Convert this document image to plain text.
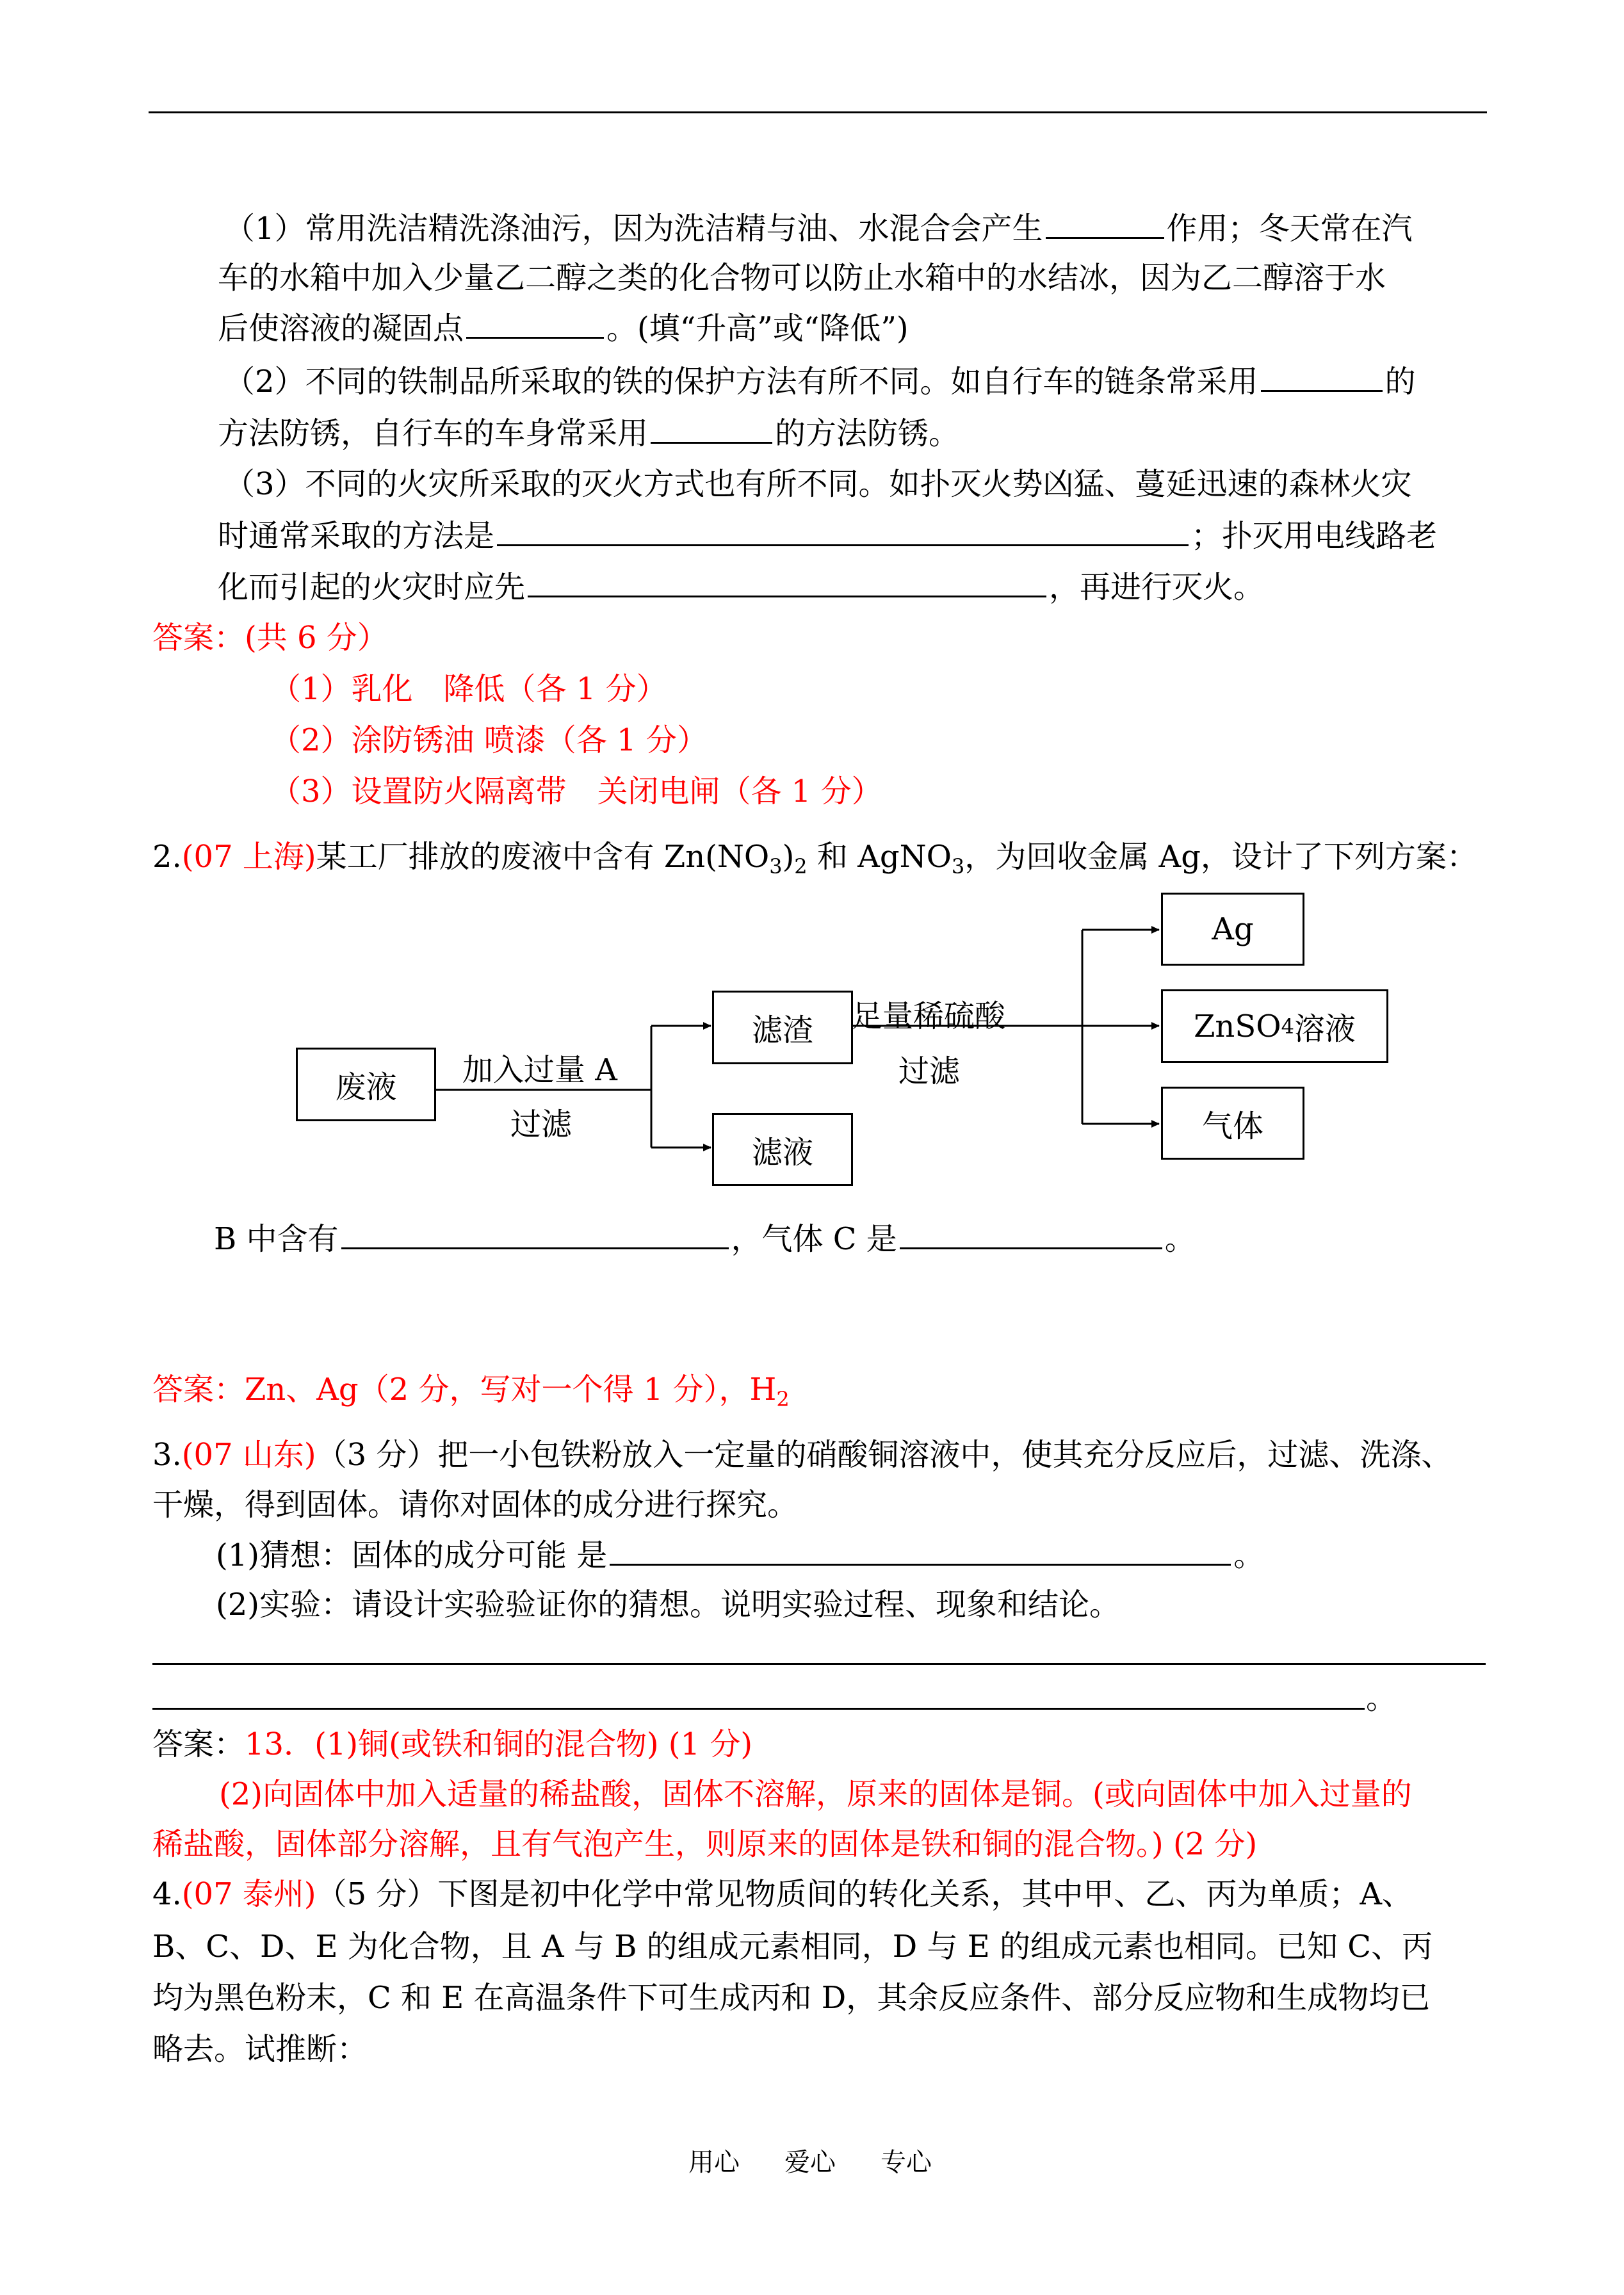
（1）常用洗洁精洗涤油污，因为洗洁精与油、水混合会产生	作用；冬天常在汽
车的水箱中加入少量乙二醇之类的化合物可以防止水箱中的水结冰，因为乙二醇溶于水
后使溶液的凝固点	。(填“升高”或“降低”)
（2）不同的铁制品所采取的铁的保护方法有所不同。如自行车的链条常采用	的
方法防锈，自行车的车身常采用	的方法防锈。
（3）不同的火灾所采取的灭火方式也有所不同。如扑灭火势凶猛、蔓延迅速的森林火灾
时通常采取的方法是	；扑灭用电线路老
化而引起的火灾时应先	，再进行灭火。
答案：(共 6 分）
（1）乳化　降低（各 1 分）
（2）涂防锈油 喷漆（各 1 分）
（3）设置防火隔离带　关闭电闸（各 1 分）
2.(07 上海)某工厂排放的废液中含有 $Zn(NO_3)_2$ 和 AgNO$_3$，为回收金属 Ag，设计了下列方案：
废液
滤渣
滤液
Ag
ZnSO 4 溶液
气体
加入过量 A
过滤
足量稀硫酸
过滤
B 中含有	，气体 C 是	。
答案：Zn、Ag（2 分，写对一个得 1 分），$H_2$
3.(07 山东)（3 分）把一小包铁粉放入一定量的硝酸铜溶液中，使其充分反应后，过滤、洗涤、
干燥，得到固体。请你对固体的成分进行探究。
(1)猜想：固体的成分可能 是	。
(2)实验：请设计实验验证你的猜想。说明实验过程、现象和结论。
。
答案：13．(1)铜(或铁和铜的混合物) (1 分)
(2)向固体中加入适量的稀盐酸，固体不溶解，原来的固体是铜。(或向固体中加入过量的
稀盐酸，固体部分溶解，且有气泡产生，则原来的固体是铁和铜的混合物。) (2 分)
4.(07 泰州)（5 分）下图是初中化学中常见物质间的转化关系，其中甲、乙、丙为单质；A、
B、C、D、E 为化合物，且 A 与 B 的组成元素相同，D 与 E 的组成元素也相同。已知 C、丙
均为黑色粉末，C 和 E 在高温条件下可生成丙和 D，其余反应条件、部分反应物和生成物均已
略去。试推断：
用心 爱心 专心
